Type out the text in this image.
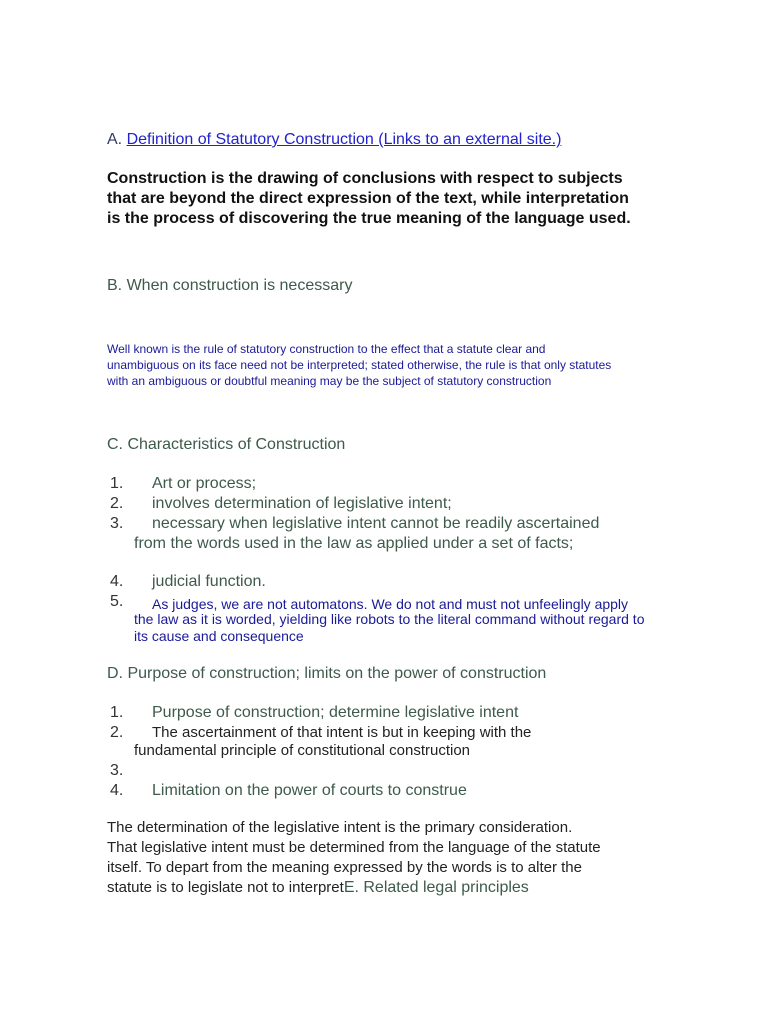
A. Definition of Statutory Construction (Links to an external site.)
Construction is the drawing of conclusions with respect to subjects
that are beyond the direct expression of the text, while interpretation
is the process of discovering the true meaning of the language used.
B. When construction is necessary
Well known is the rule of statutory construction to the effect that a statute clear and
unambiguous on its face need not be interpreted; stated otherwise, the rule is that only statutes
with an ambiguous or doubtful meaning may be the subject of statutory construction
C. Characteristics of Construction
1. Art or process;
2. involves determination of legislative intent;
3. necessary when legislative intent cannot be readily ascertained
from the words used in the law as applied under a set of facts;
4. judicial function.
5. As judges, we are not automatons. We do not and must not unfeelingly apply
the law as it is worded, yielding like robots to the literal command without regard to
its cause and consequence
D. Purpose of construction; limits on the power of construction
1. Purpose of construction; determine legislative intent
2. The ascertainment of that intent is but in keeping with the
fundamental principle of constitutional construction
3.
4. Limitation on the power of courts to construe
The determination of the legislative intent is the primary consideration.
That legislative intent must be determined from the language of the statute
itself. To depart from the meaning expressed by the words is to alter the
statute is to legislate not to interpretE. Related legal principles
